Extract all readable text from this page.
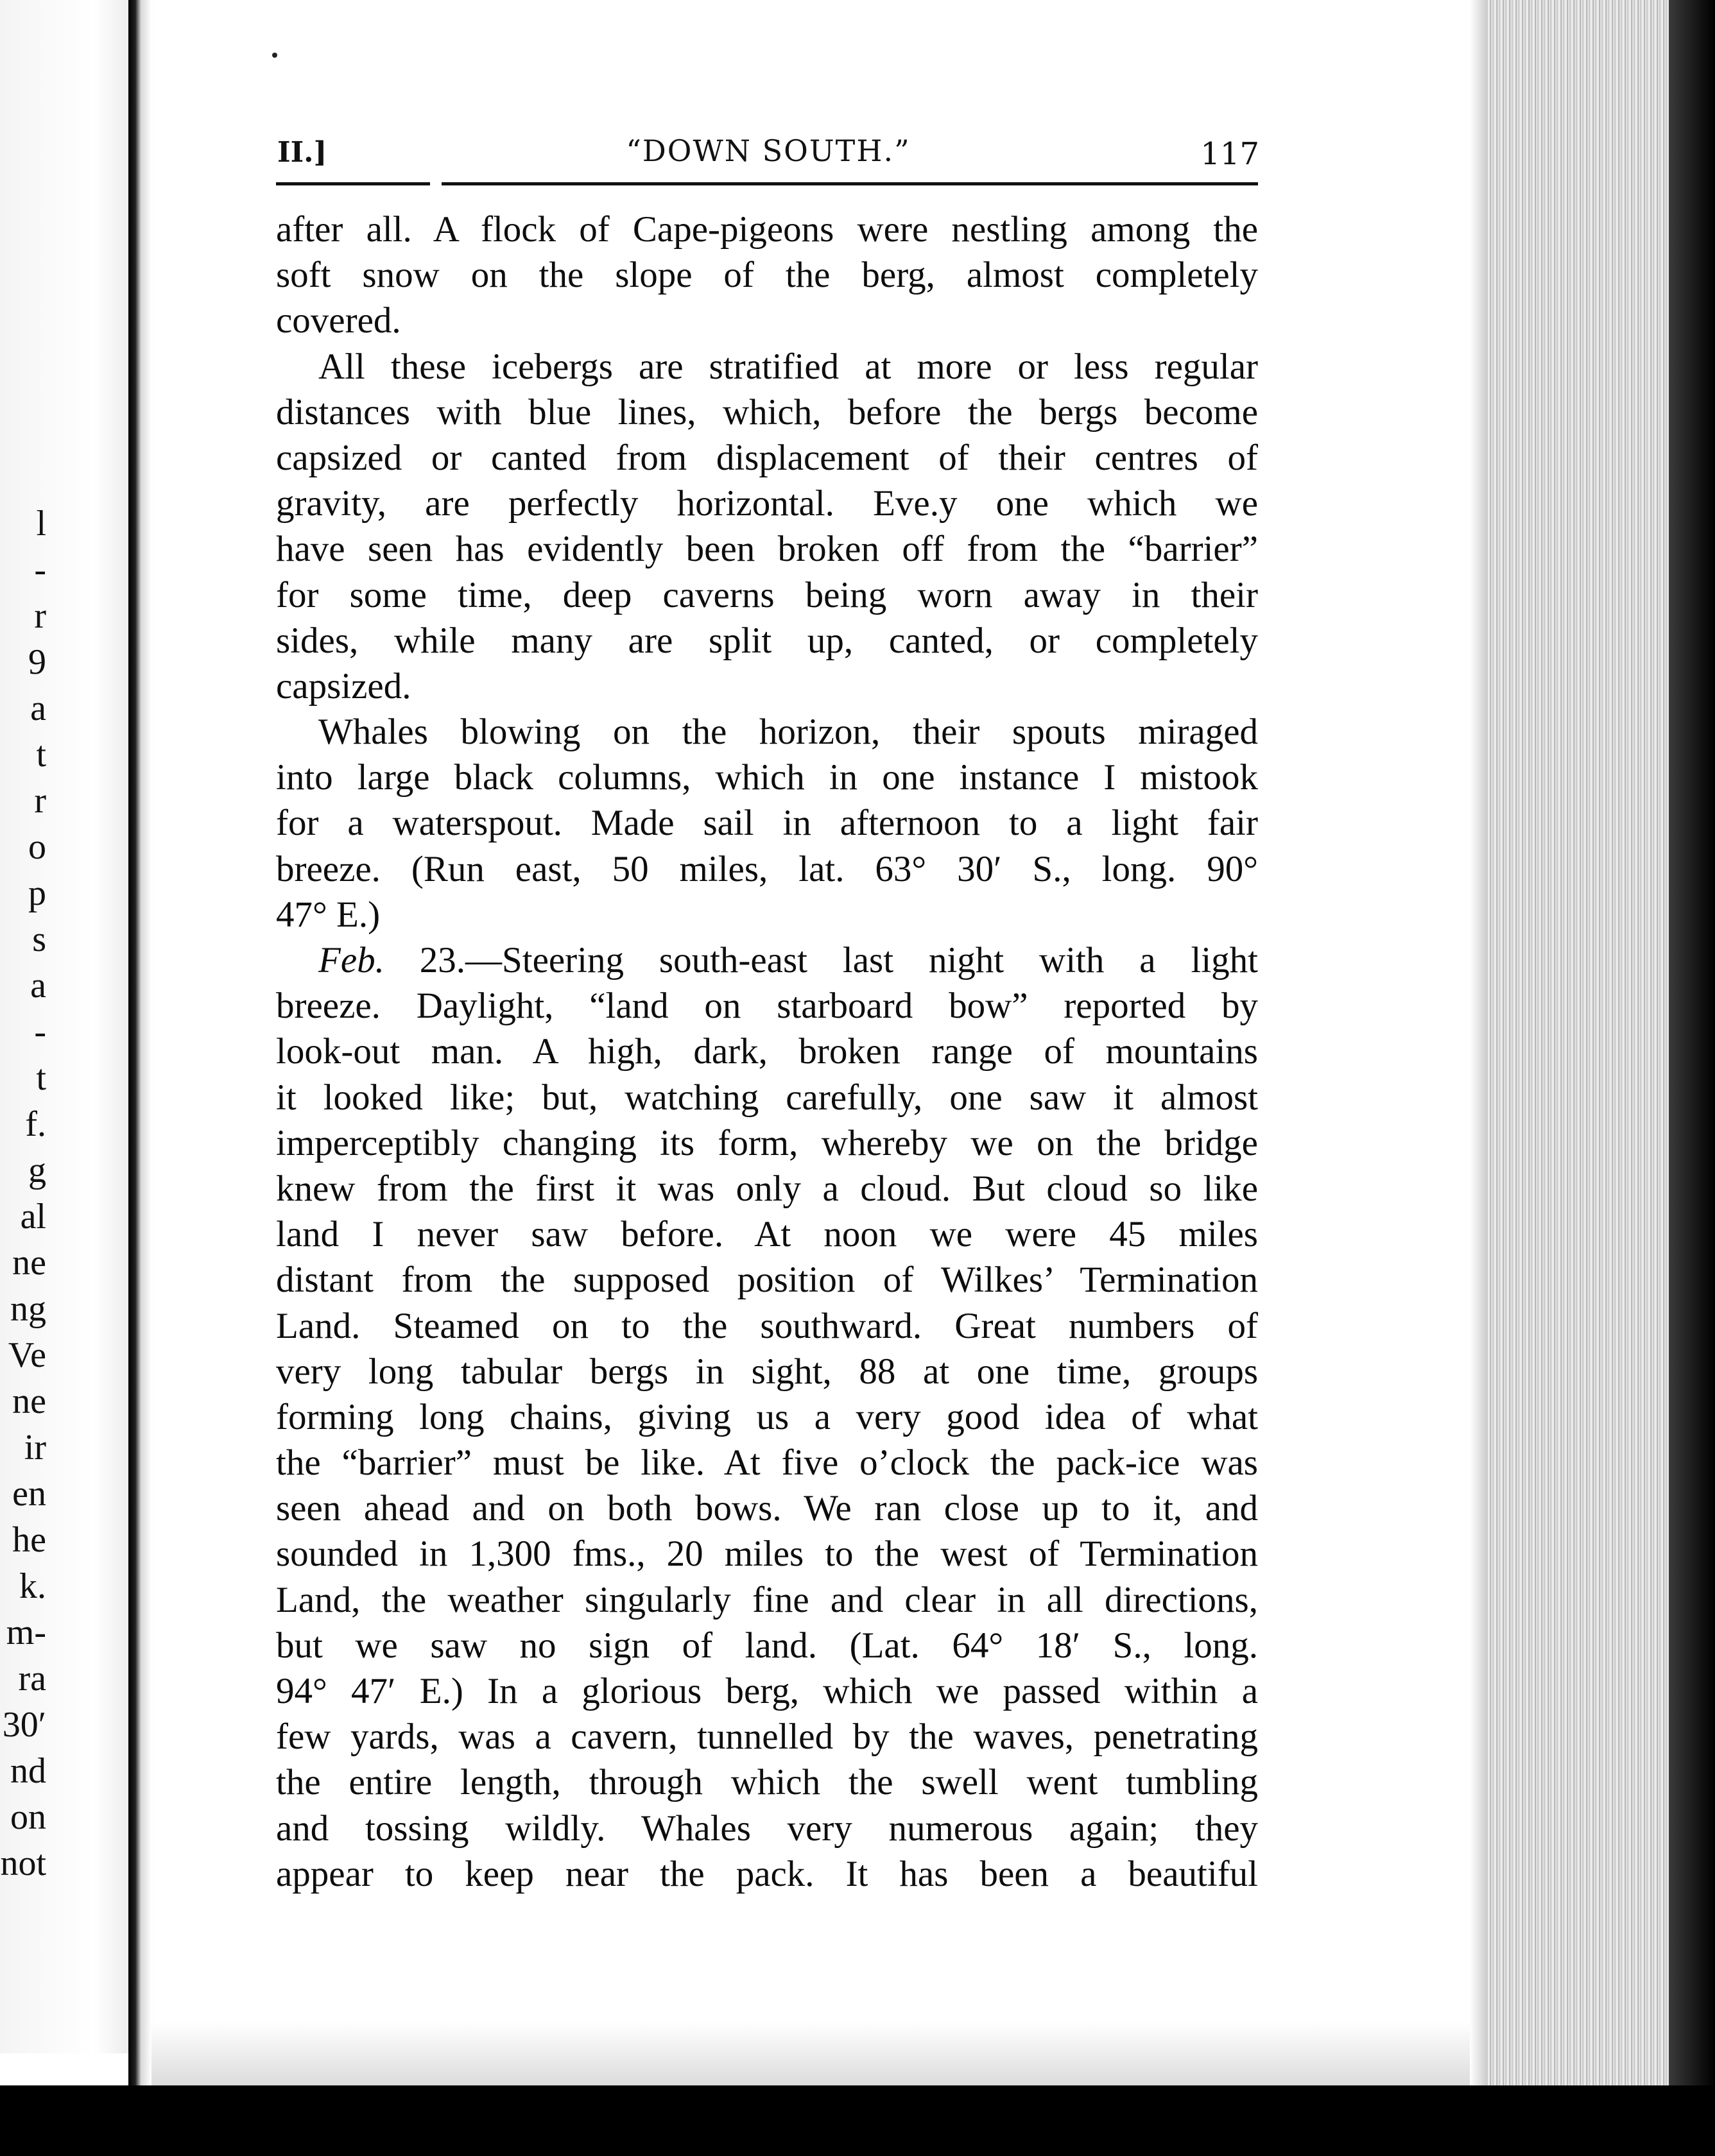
l
-
r
9
a
t
r
o
p
s
a
-
t
f.
g
al
ne
ng
Ve
ne
ir
en
he
k.
m-
ra
30′
nd
on
not
II.]	“DOWN SOUTH.”	117
after all. A flock of Cape-pigeons were nestling among the
soft snow on the slope of the berg, almost completely
covered.
All these icebergs are stratified at more or less regular
distances with blue lines, which, before the bergs become
capsized or canted from displacement of their centres of
gravity, are perfectly horizontal. Eve.y one which we
have seen has evidently been broken off from the “barrier”
for some time, deep caverns being worn away in their
sides, while many are split up, canted, or completely
capsized.
Whales blowing on the horizon, their spouts miraged
into large black columns, which in one instance I mistook
for a waterspout. Made sail in afternoon to a light fair
breeze. (Run east, 50 miles, lat. 63° 30′ S., long. 90°
47° E.)
Feb. 23.—Steering south-east last night with a light
breeze. Daylight, “land on starboard bow” reported by
look-out man. A high, dark, broken range of mountains
it looked like; but, watching carefully, one saw it almost
imperceptibly changing its form, whereby we on the bridge
knew from the first it was only a cloud. But cloud so like
land I never saw before. At noon we were 45 miles
distant from the supposed position of Wilkes’ Termination
Land. Steamed on to the southward. Great numbers of
very long tabular bergs in sight, 88 at one time, groups
forming long chains, giving us a very good idea of what
the “barrier” must be like. At five o’clock the pack-ice was
seen ahead and on both bows. We ran close up to it, and
sounded in 1,300 fms., 20 miles to the west of Termination
Land, the weather singularly fine and clear in all directions,
but we saw no sign of land. (Lat. 64° 18′ S., long.
94° 47′ E.) In a glorious berg, which we passed within a
few yards, was a cavern, tunnelled by the waves, penetrating
the entire length, through which the swell went tumbling
and tossing wildly. Whales very numerous again; they
appear to keep near the pack. It has been a beautiful
